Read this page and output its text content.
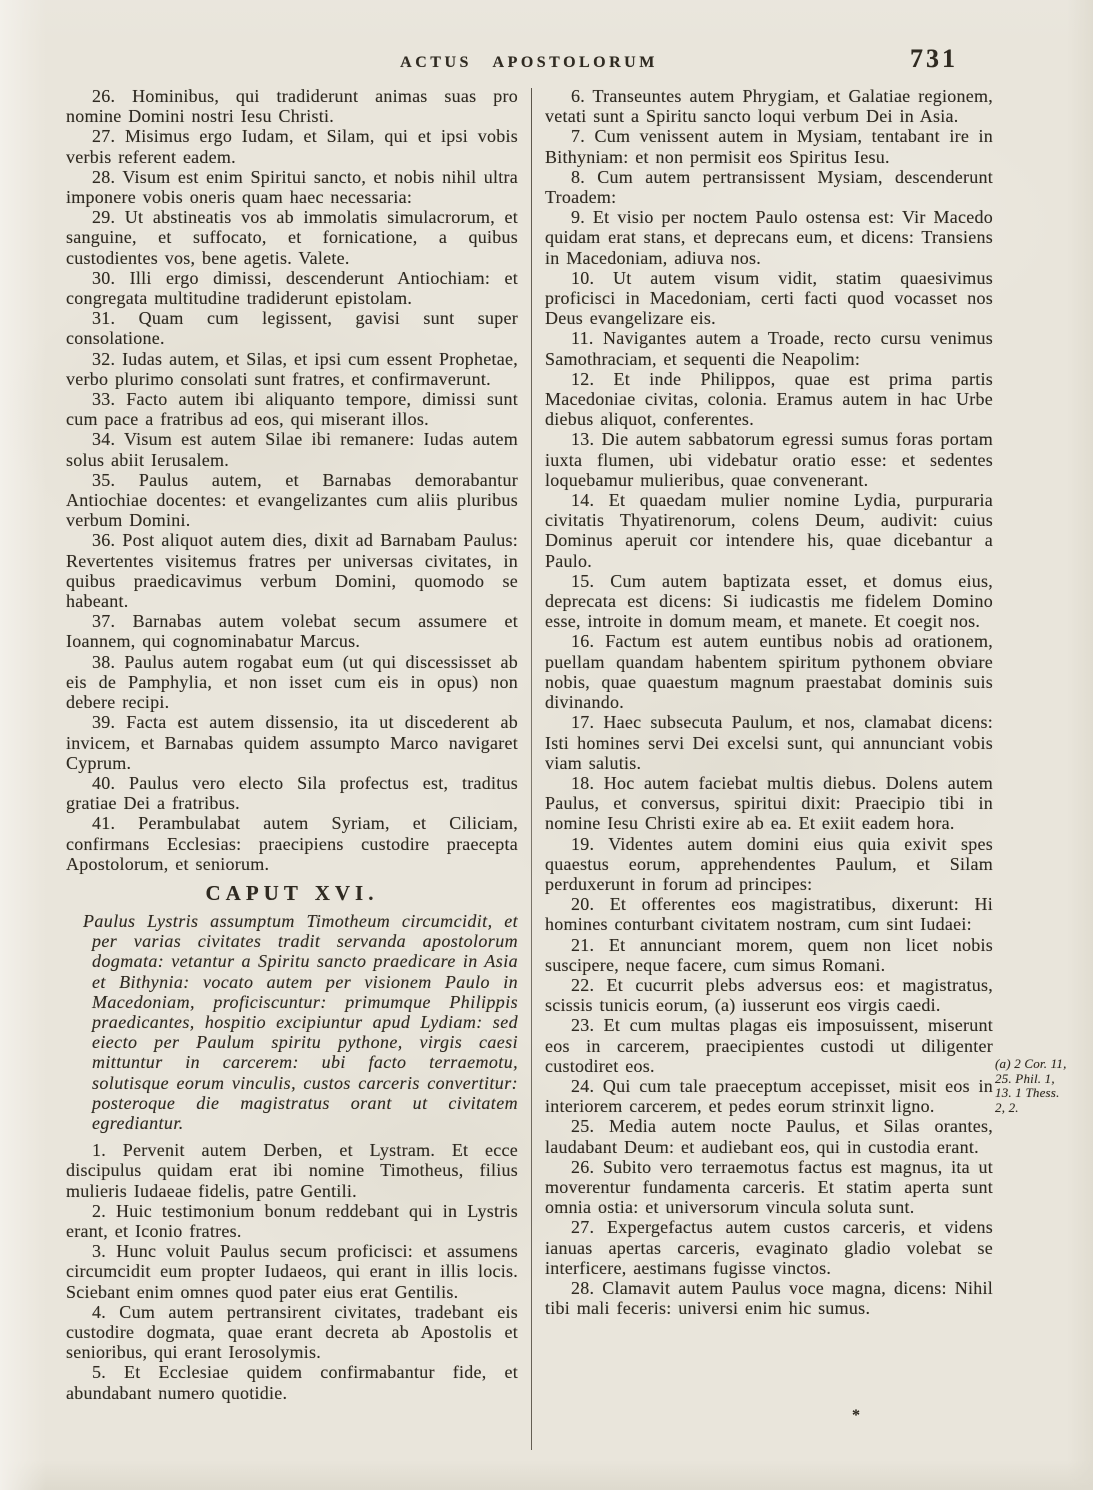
ACTUS APOSTOLORUM	731

26. Hominibus, qui tradiderunt animas suas pro nomine Domini nostri Iesu Christi.

27. Misimus ergo Iudam, et Silam, qui et ipsi vobis verbis referent eadem.

28. Visum est enim Spiritui sancto, et nobis nihil ultra imponere vobis oneris quam haec necessaria:

29. Ut abstineatis vos ab immolatis simulacrorum, et sanguine, et suffocato, et fornicatione, a quibus custodientes vos, bene agetis. Valete.

30. Illi ergo dimissi, descenderunt Antiochiam: et congregata multitudine tradiderunt epistolam.

31. Quam cum legissent, gavisi sunt super consolatione.

32. Iudas autem, et Silas, et ipsi cum essent Prophetae, verbo plurimo consolati sunt fratres, et confirmaverunt.

33. Facto autem ibi aliquanto tempore, dimissi sunt cum pace a fratribus ad eos, qui miserant illos.

34. Visum est autem Silae ibi remanere: Iudas autem solus abiit Ierusalem.

35. Paulus autem, et Barnabas demorabantur Antiochiae docentes: et evangelizantes cum aliis pluribus verbum Domini.

36. Post aliquot autem dies, dixit ad Barnabam Paulus: Revertentes visitemus fratres per universas civitates, in quibus praedicavimus verbum Domini, quomodo se habeant.

37. Barnabas autem volebat secum assumere et Ioannem, qui cognominabatur Marcus.

38. Paulus autem rogabat eum (ut qui discessisset ab eis de Pamphylia, et non isset cum eis in opus) non debere recipi.

39. Facta est autem dissensio, ita ut discederent ab invicem, et Barnabas quidem assumpto Marco navigaret Cyprum.

40. Paulus vero electo Sila profectus est, traditus gratiae Dei a fratribus.

41. Perambulabat autem Syriam, et Ciliciam, confirmans Ecclesias: praecipiens custodire praecepta Apostolorum, et seniorum.

CAPUT XVI.

Paulus Lystris assumptum Timotheum circumcidit, et per varias civitates tradit servanda apostolorum dogmata: vetantur a Spiritu sancto praedicare in Asia et Bithynia: vocato autem per visionem Paulo in Macedoniam, proficiscuntur: primumque Philippis praedicantes, hospitio excipiuntur apud Lydiam: sed eiecto per Paulum spiritu pythone, virgis caesi mittuntur in carcerem: ubi facto terraemotu, solutisque eorum vinculis, custos carceris convertitur: posteroque die magistratus orant ut civitatem egrediantur.

1. Pervenit autem Derben, et Lystram. Et ecce discipulus quidam erat ibi nomine Timotheus, filius mulieris Iudaeae fidelis, patre Gentili.

2. Huic testimonium bonum reddebant qui in Lystris erant, et Iconio fratres.

3. Hunc voluit Paulus secum proficisci: et assumens circumcidit eum propter Iudaeos, qui erant in illis locis. Sciebant enim omnes quod pater eius erat Gentilis.

4. Cum autem pertransirent civitates, tradebant eis custodire dogmata, quae erant decreta ab Apostolis et senioribus, qui erant Ierosolymis.

5. Et Ecclesiae quidem confirmabantur fide, et abundabant numero quotidie.

6. Transeuntes autem Phrygiam, et Galatiae regionem, vetati sunt a Spiritu sancto loqui verbum Dei in Asia.

7. Cum venissent autem in Mysiam, tentabant ire in Bithyniam: et non permisit eos Spiritus Iesu.

8. Cum autem pertransissent Mysiam, descenderunt Troadem:

9. Et visio per noctem Paulo ostensa est: Vir Macedo quidam erat stans, et deprecans eum, et dicens: Transiens in Macedoniam, adiuva nos.

10. Ut autem visum vidit, statim quaesivimus proficisci in Macedoniam, certi facti quod vocasset nos Deus evangelizare eis.

11. Navigantes autem a Troade, recto cursu venimus Samothraciam, et sequenti die Neapolim:

12. Et inde Philippos, quae est prima partis Macedoniae civitas, colonia. Eramus autem in hac Urbe diebus aliquot, conferentes.

13. Die autem sabbatorum egressi sumus foras portam iuxta flumen, ubi videbatur oratio esse: et sedentes loquebamur mulieribus, quae convenerant.

14. Et quaedam mulier nomine Lydia, purpuraria civitatis Thyatirenorum, colens Deum, audivit: cuius Dominus aperuit cor intendere his, quae dicebantur a Paulo.

15. Cum autem baptizata esset, et domus eius, deprecata est dicens: Si iudicastis me fidelem Domino esse, introite in domum meam, et manete. Et coegit nos.

16. Factum est autem euntibus nobis ad orationem, puellam quandam habentem spiritum pythonem obviare nobis, quae quaestum magnum praestabat dominis suis divinando.

17. Haec subsecuta Paulum, et nos, clamabat dicens: Isti homines servi Dei excelsi sunt, qui annunciant vobis viam salutis.

18. Hoc autem faciebat multis diebus. Dolens autem Paulus, et conversus, spiritui dixit: Praecipio tibi in nomine Iesu Christi exire ab ea. Et exiit eadem hora.

19. Videntes autem domini eius quia exivit spes quaestus eorum, apprehendentes Paulum, et Silam perduxerunt in forum ad principes:

20. Et offerentes eos magistratibus, dixerunt: Hi homines conturbant civitatem nostram, cum sint Iudaei:

21. Et annunciant morem, quem non licet nobis suscipere, neque facere, cum simus Romani.

22. Et cucurrit plebs adversus eos: et magistratus, scissis tunicis eorum, (a) iusserunt eos virgis caedi.

23. Et cum multas plagas eis imposuissent, miserunt eos in carcerem, praecipientes custodi ut diligenter custodiret eos.

24. Qui cum tale praeceptum accepisset, misit eos in interiorem carcerem, et pedes eorum strinxit ligno.

25. Media autem nocte Paulus, et Silas orantes, laudabant Deum: et audiebant eos, qui in custodia erant.

26. Subito vero terraemotus factus est magnus, ita ut moverentur fundamenta carceris. Et statim aperta sunt omnia ostia: et universorum vincula soluta sunt.

27. Expergefactus autem custos carceris, et videns ianuas apertas carceris, evaginato gladio volebat se interficere, aestimans fugisse vinctos.

28. Clamavit autem Paulus voce magna, dicens: Nihil tibi mali feceris: universi enim hic sumus.

(a) 2 Cor. 11,

25. Phil. 1,

13. 1 Thess.

2, 2.

*
